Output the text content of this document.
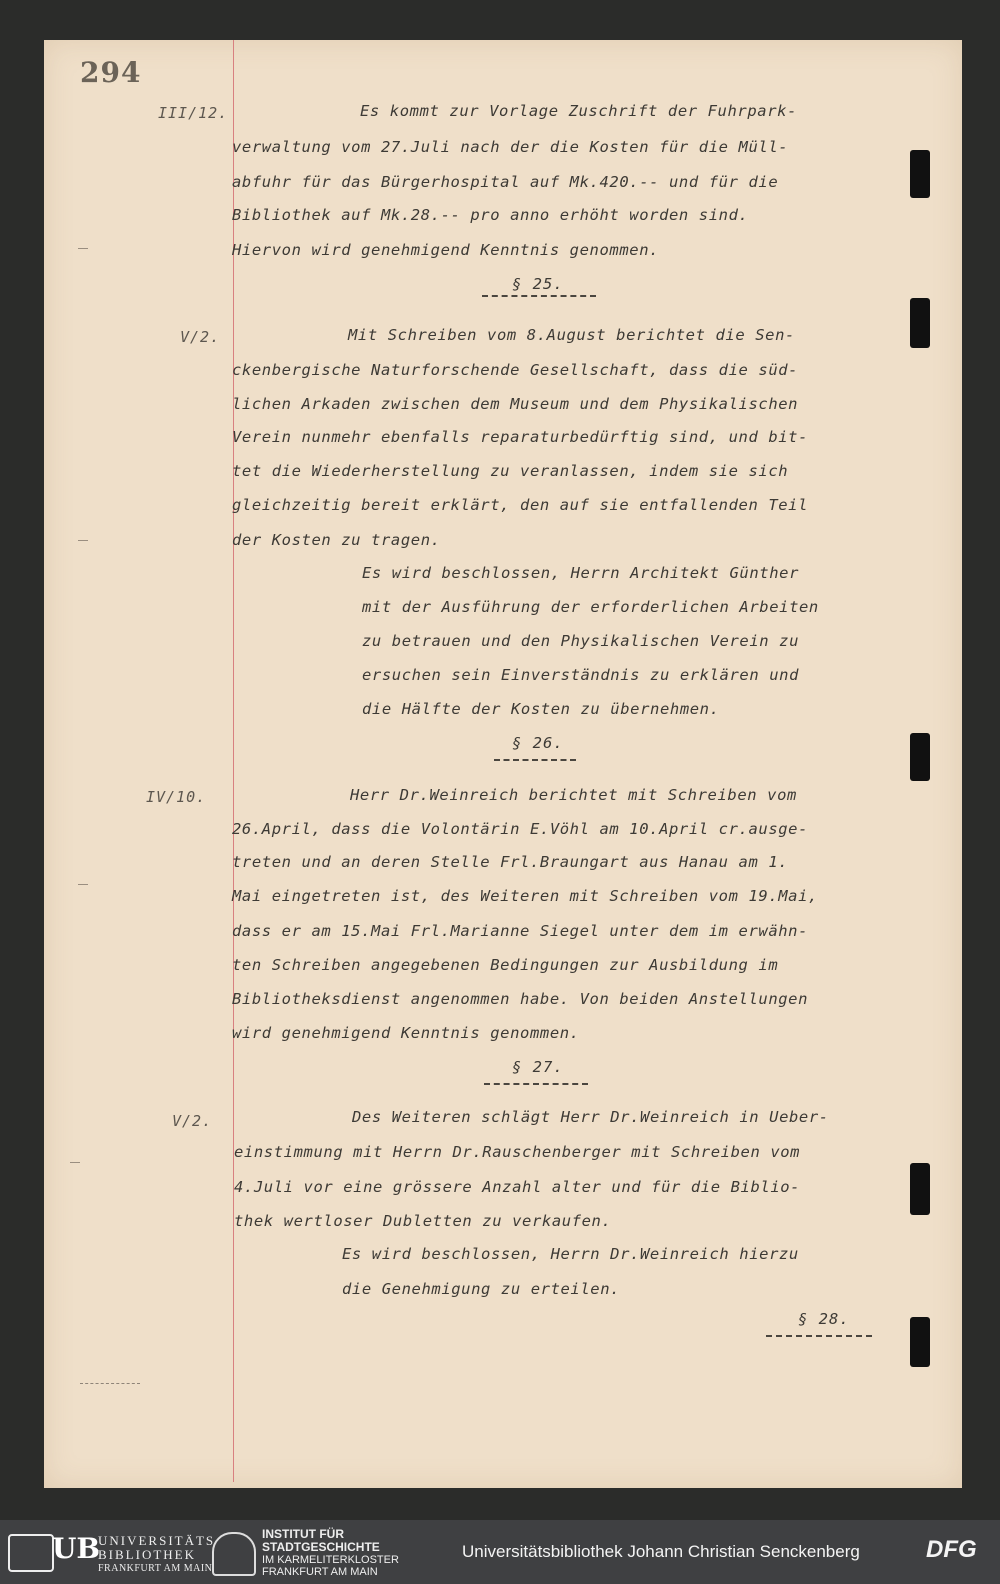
294
III/12.	Es kommt zur Vorlage Zuschrift der Fuhrpark-
verwaltung vom 27.Juli nach der die Kosten für die Müll-
abfuhr für das Bürgerhospital auf Mk.420.-- und für die
Bibliothek auf Mk.28.-- pro anno erhöht worden sind.
Hiervon wird genehmigend Kenntnis genommen.
§ 25.
V/2.	Mit Schreiben vom 8.August berichtet die Sen-
ckenbergische Naturforschende Gesellschaft, dass die süd-
lichen Arkaden zwischen dem Museum und dem Physikalischen
Verein nunmehr ebenfalls reparaturbedürftig sind, und bit-
tet die Wiederherstellung zu veranlassen, indem sie sich
gleichzeitig bereit erklärt, den auf sie entfallenden Teil
der Kosten zu tragen.
Es wird beschlossen, Herrn Architekt Günther
mit der Ausführung der erforderlichen Arbeiten
zu betrauen und den Physikalischen Verein zu
ersuchen sein Einverständnis zu erklären und
die Hälfte der Kosten zu übernehmen.
§ 26.
IV/10.	Herr Dr.Weinreich berichtet mit Schreiben vom
26.April, dass die Volontärin E.Vöhl am 10.April cr.ausge-
treten und an deren Stelle Frl.Braungart aus Hanau am 1.
Mai eingetreten ist, des Weiteren mit Schreiben vom 19.Mai,
dass er am 15.Mai Frl.Marianne Siegel unter dem im erwähn-
ten Schreiben angegebenen Bedingungen zur Ausbildung im
Bibliotheksdienst angenommen habe. Von beiden Anstellungen
wird genehmigend Kenntnis genommen.
§ 27.
V/2.	Des Weiteren schlägt Herr Dr.Weinreich in Ueber-
einstimmung mit Herrn Dr.Rauschenberger mit Schreiben vom
4.Juli vor eine grössere Anzahl alter und für die Biblio-
thek wertloser Dubletten zu verkaufen.
Es wird beschlossen, Herrn Dr.Weinreich hierzu
die Genehmigung zu erteilen.
§ 28.
UB
UNIVERSITÄTS
BIBLIOTHEK
FRANKFURT AM MAIN
INSTITUT FÜR
STADTGESCHICHTE
IM KARMELITERKLOSTER
FRANKFURT AM MAIN
Universitätsbibliothek Johann Christian Senckenberg	DFG
